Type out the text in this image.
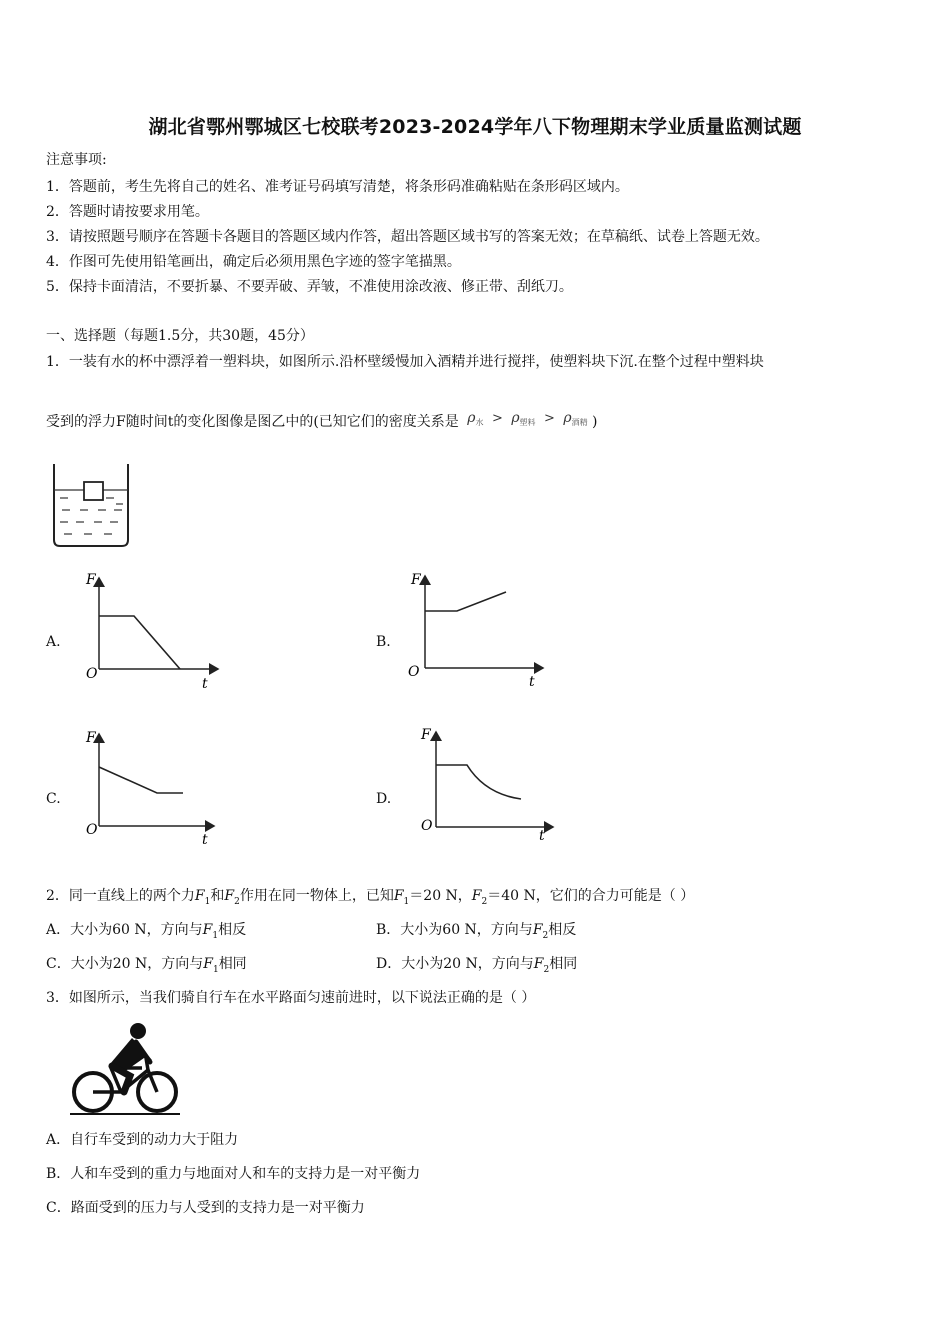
湖北省鄂州鄂城区七校联考2023-2024学年八下物理期末学业质量监测试题
注意事项:
1．答题前，考生先将自己的姓名、准考证号码填写清楚，将条形码准确粘贴在条形码区域内。
2．答题时请按要求用笔。
3．请按照题号顺序在答题卡各题目的答题区域内作答，超出答题区域书写的答案无效；在草稿纸、试卷上答题无效。
4．作图可先使用铅笔画出，确定后必须用黑色字迹的签字笔描黑。
5．保持卡面清洁，不要折暴、不要弄破、弄皱，不准使用涂改液、修正带、刮纸刀。
一、选择题（每题1.5分，共30题，45分）
1．一装有水的杯中漂浮着一塑料块，如图所示.沿杯壁缓慢加入酒精并进行搅拌，使塑料块下沉.在整个过程中塑料块
受到的浮力F随时间t的变化图像是图乙中的(已知它们的密度关系是 $\rho_水 > \rho_{塑料} > \rho_{酒精}$ )
A.
F
O
t
B.
F
O
t
C.
F
O
t
D.
F
O
t
2．同一直线上的两个力$F_1$和$F_2$作用在同一物体上，已知$F_1=20$ N，$F_2=40$ N，它们的合力可能是（ ）
A．大小为60 N，方向与$F_1$相反	B．大小为60 N，方向与$F_2$相反
C．大小为20 N，方向与$F_1$相同	D．大小为20 N，方向与$F_2$相同
3．如图所示，当我们骑自行车在水平路面匀速前进时，以下说法正确的是（ ）
A．自行车受到的动力大于阻力
B．人和车受到的重力与地面对人和车的支持力是一对平衡力
C．路面受到的压力与人受到的支持力是一对平衡力
